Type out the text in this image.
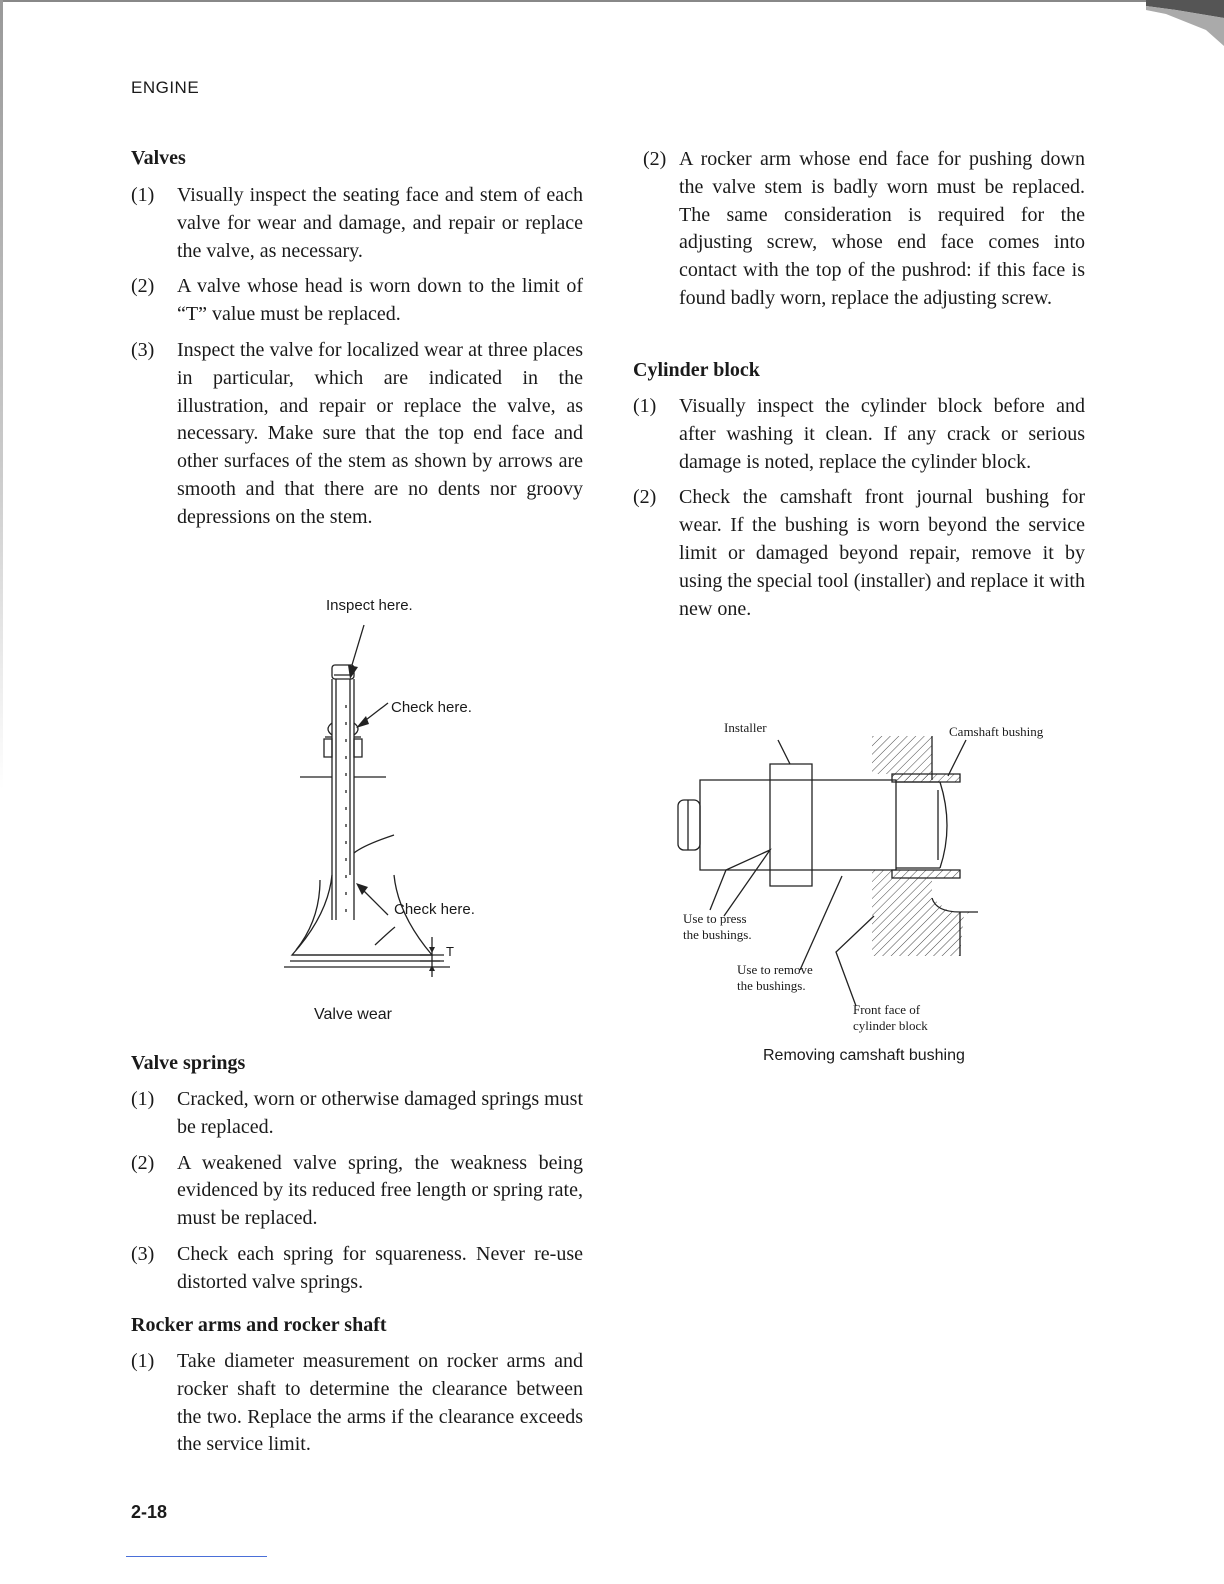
ENGINE
Valves
(1) Visually inspect the seating face and stem of each valve for wear and damage, and repair or replace the valve, as necessary.
(2) A valve whose head is worn down to the limit of “T” value must be replaced.
(3) Inspect the valve for localized wear at three places in particular, which are indicated in the illustration, and repair or replace the valve, as necessary. Make sure that the top end face and other surfaces of the stem as shown by arrows are smooth and that there are no dents nor groovy depressions on the stem.
Inspect here.
Check here.
Check here.
T
Valve wear
Valve springs
(1) Cracked, worn or otherwise damaged springs must be replaced.
(2) A weakened valve spring, the weakness being evidenced by its reduced free length or spring rate, must be replaced.
(3) Check each spring for squareness. Never re-use distorted valve springs.
Rocker arms and rocker shaft
(1) Take diameter measurement on rocker arms and rocker shaft to determine the clearance between the two. Replace the arms if the clearance exceeds the service limit.
(2) A rocker arm whose end face for pushing down the valve stem is badly worn must be replaced. The same consideration is required for the adjusting screw, whose end face comes into contact with the top of the pushrod: if this face is found badly worn, replace the adjusting screw.
Cylinder block
(1) Visually inspect the cylinder block before and after washing it clean. If any crack or serious damage is noted, replace the cylinder block.
(2) Check the camshaft front journal bushing for wear. If the bushing is worn beyond the service limit or damaged beyond repair, remove it by using the special tool (installer) and replace it with new one.
Installer	Camshaft bushing
Use to press
the bushings.
Use to remove
the bushings.
Front face of
cylinder block
Removing camshaft bushing
2-18
